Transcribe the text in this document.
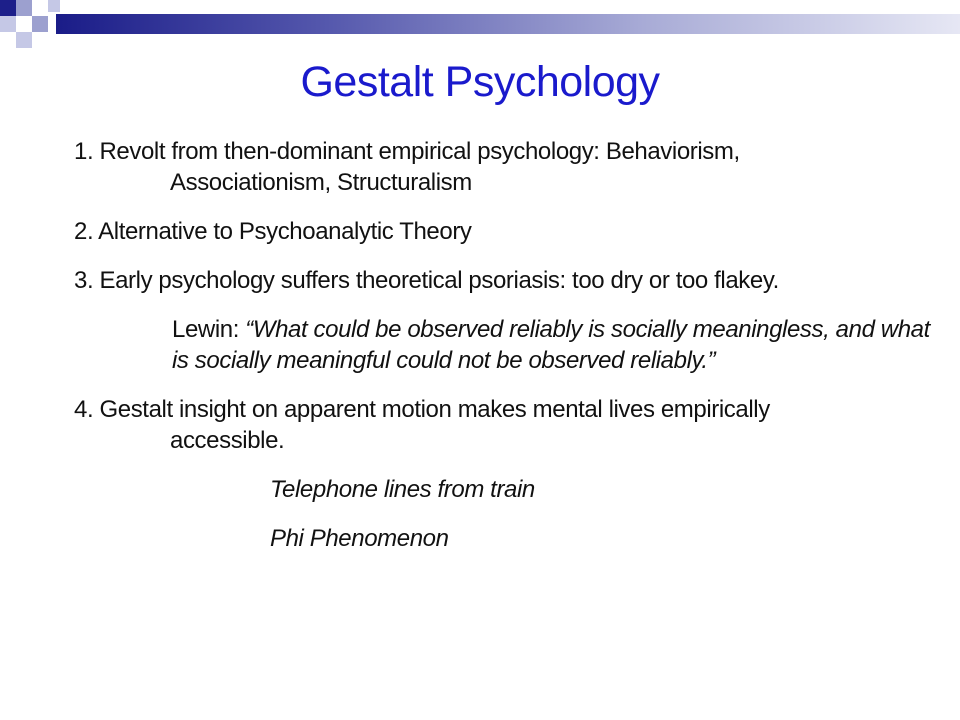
Gestalt Psychology

1. Revolt from then-dominant empirical psychology: Behaviorism,
Associationism, Structuralism

2. Alternative to Psychoanalytic Theory

3. Early psychology suffers theoretical psoriasis: too dry or too flakey.

Lewin: “What could be observed reliably is socially meaningless, and what is socially meaningful could not be observed reliably.”

4. Gestalt insight on apparent motion makes mental lives empirically
accessible.

Telephone lines from train

Phi Phenomenon
